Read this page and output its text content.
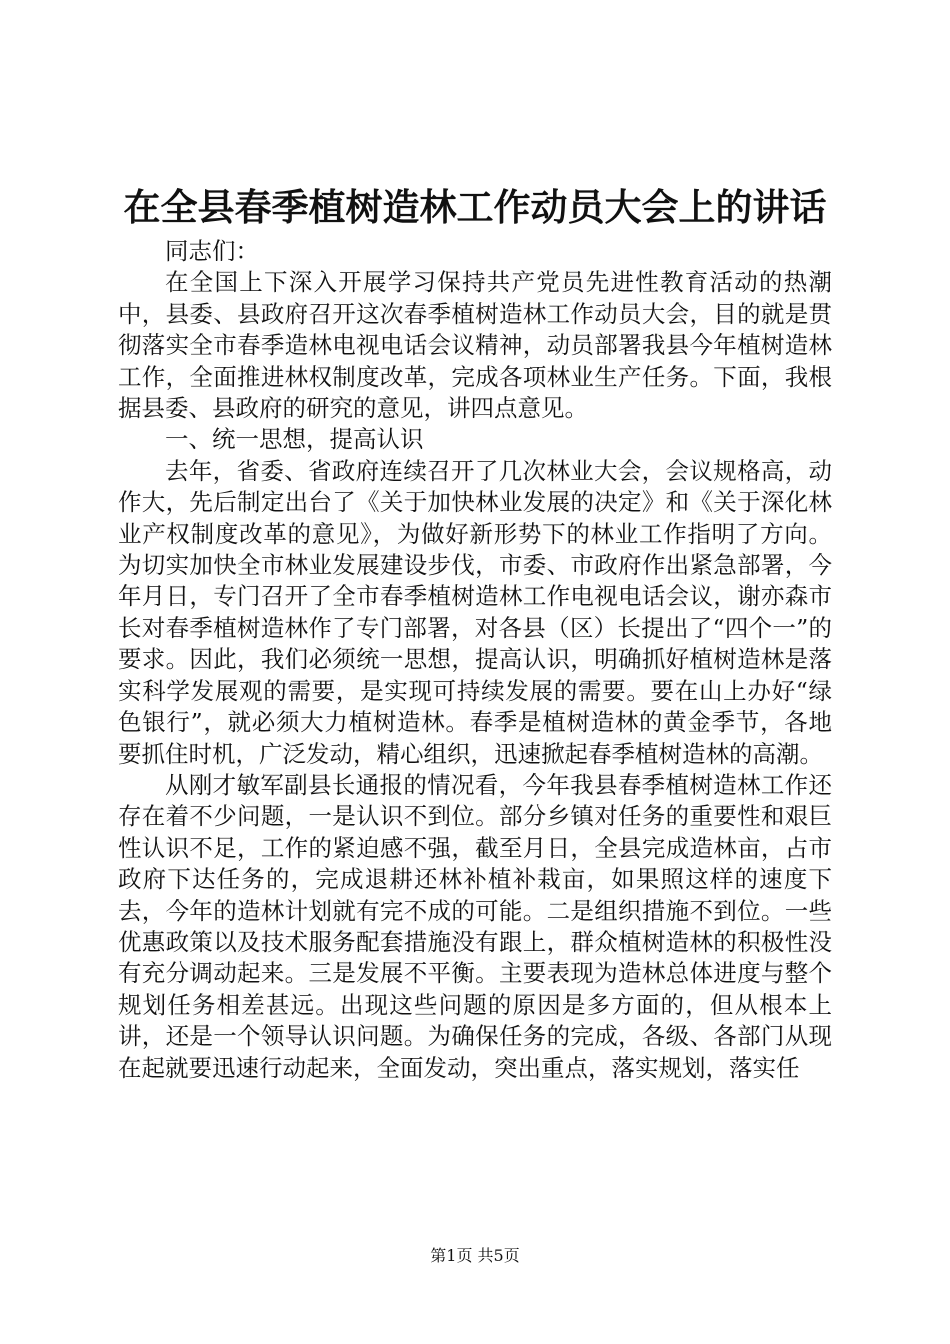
在全县春季植树造林工作动员大会上的讲话

同志们：

在全国上下深入开展学习保持共产党员先进性教育活动的热潮中，县委、县政府召开这次春季植树造林工作动员大会，目的就是贯彻落实全市春季造林电视电话会议精神，动员部署我县今年植树造林工作，全面推进林权制度改革，完成各项林业生产任务。下面，我根据县委、县政府的研究的意见，讲四点意见。

一、统一思想，提高认识

去年，省委、省政府连续召开了几次林业大会，会议规格高，动作大，先后制定出台了《关于加快林业发展的决定》和《关于深化林业产权制度改革的意见》，为做好新形势下的林业工作指明了方向。为切实加快全市林业发展建设步伐，市委、市政府作出紧急部署，今年月日，专门召开了全市春季植树造林工作电视电话会议，谢亦森市长对春季植树造林作了专门部署，对各县（区）长提出了“四个一”的要求。因此，我们必须统一思想，提高认识，明确抓好植树造林是落实科学发展观的需要，是实现可持续发展的需要。要在山上办好“绿色银行”，就必须大力植树造林。春季是植树造林的黄金季节，各地要抓住时机，广泛发动，精心组织，迅速掀起春季植树造林的高潮。

从刚才敏军副县长通报的情况看，今年我县春季植树造林工作还存在着不少问题，一是认识不到位。部分乡镇对任务的重要性和艰巨性认识不足，工作的紧迫感不强，截至月日，全县完成造林亩，占市政府下达任务的，完成退耕还林补植补栽亩，如果照这样的速度下去，今年的造林计划就有完不成的可能。二是组织措施不到位。一些优惠政策以及技术服务配套措施没有跟上，群众植树造林的积极性没有充分调动起来。三是发展不平衡。主要表现为造林总体进度与整个规划任务相差甚远。出现这些问题的原因是多方面的，但从根本上讲，还是一个领导认识问题。为确保任务的完成，各级、各部门从现在起就要迅速行动起来，全面发动，突出重点，落实规划，落实任

第1页 共5页
